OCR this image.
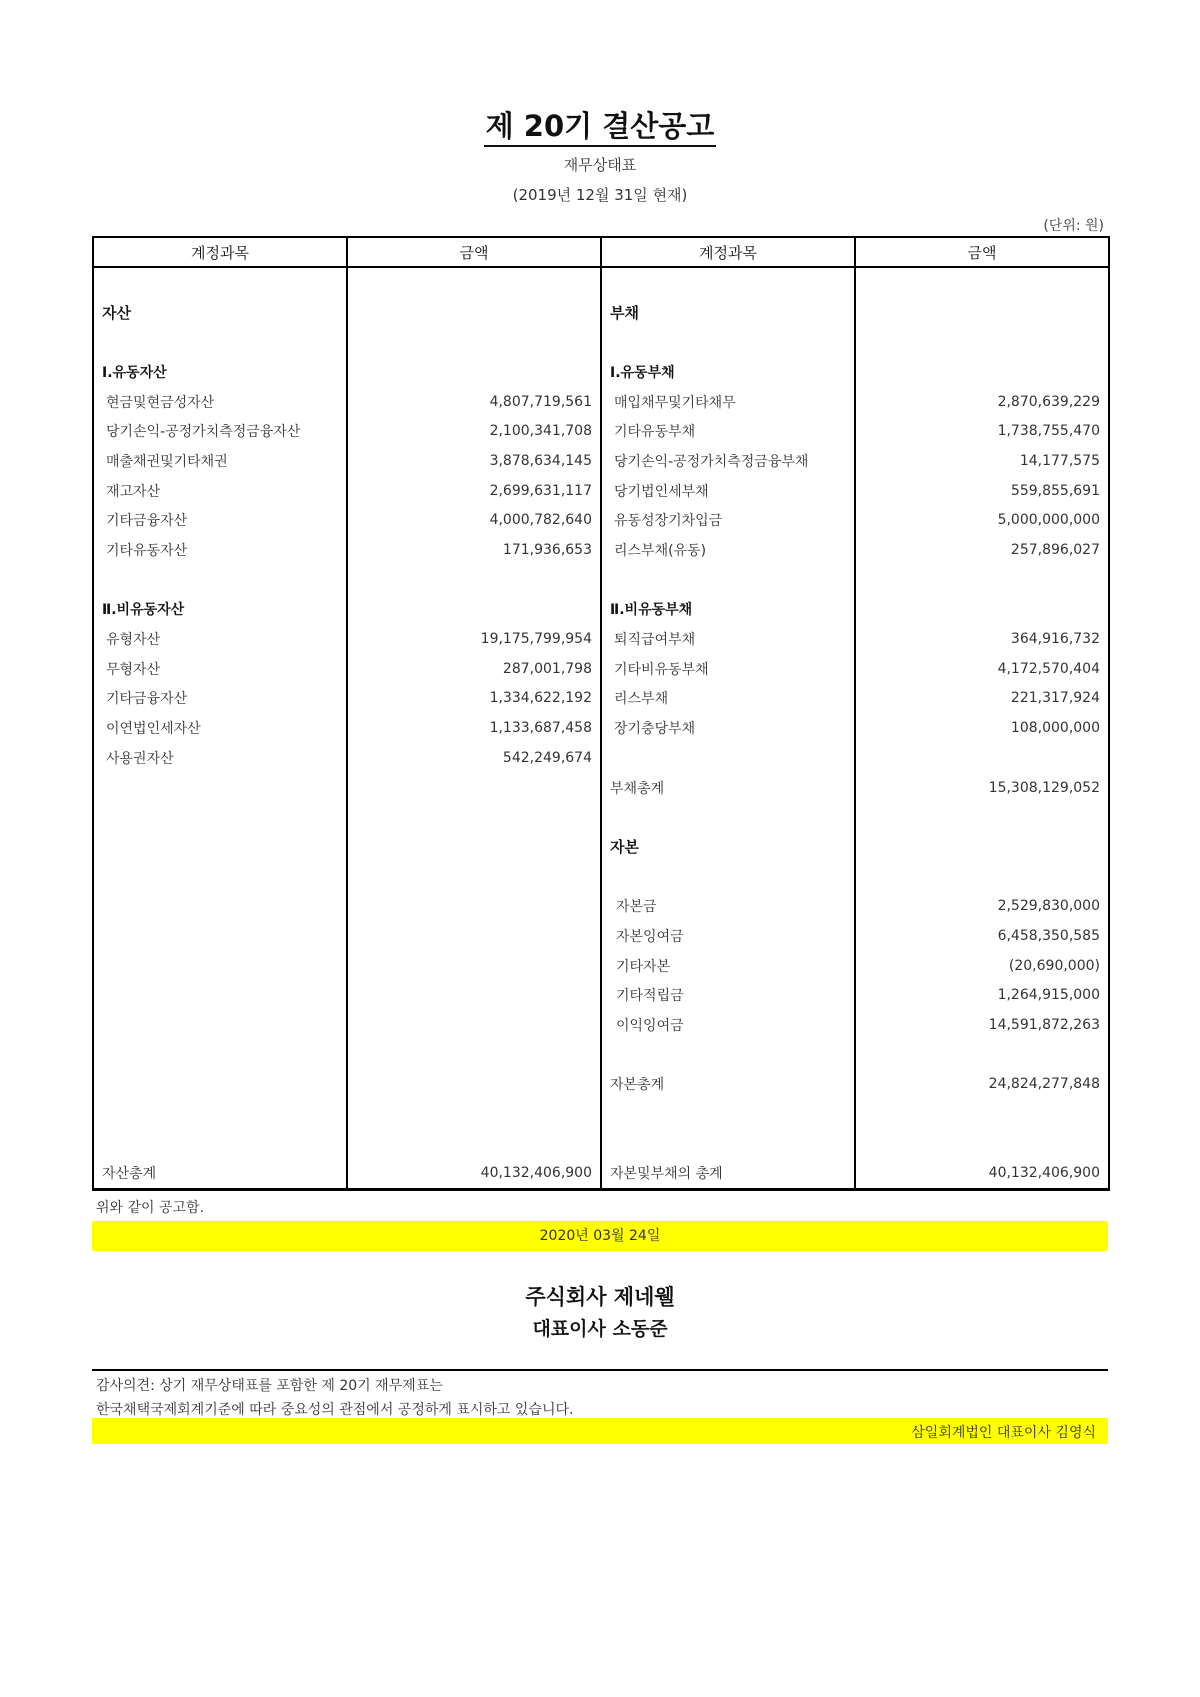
제 20기 결산공고
재무상태표
(2019년 12월 31일 현재)
(단위: 원)
계정과목	금액	계정과목	금액

자산		부채	

Ⅰ.유동자산		Ⅰ.유동부채	
현금및현금성자산	4,807,719,561	매입채무및기타채무	2,870,639,229
당기손익-공정가치측정금융자산	2,100,341,708	기타유동부채	1,738,755,470
매출채권및기타채권	3,878,634,145	당기손익-공정가치측정금융부채	14,177,575
재고자산	2,699,631,117	당기법인세부채	559,855,691
기타금융자산	4,000,782,640	유동성장기차입금	5,000,000,000
기타유동자산	171,936,653	리스부채(유동)	257,896,027

Ⅱ.비유동자산		Ⅱ.비유동부채	
유형자산	19,175,799,954	퇴직급여부채	364,916,732
무형자산	287,001,798	기타비유동부채	4,172,570,404
기타금융자산	1,334,622,192	리스부채	221,317,924
이연법인세자산	1,133,687,458	장기충당부채	108,000,000
사용권자산	542,249,674		
		부채총계	15,308,129,052

		자본	

		자본금	2,529,830,000
		자본잉여금	6,458,350,585
		기타자본	(20,690,000)
		기타적립금	1,264,915,000
		이익잉여금	14,591,872,263

		자본총계	24,824,277,848

자산총계	40,132,406,900	자본및부채의 총계	40,132,406,900
위와 같이 공고함.
2020년 03월 24일
주식회사 제네웰
대표이사 소동준
감사의견: 상기 재무상태표를 포함한 제 20기 재무제표는
한국채택국제회계기준에 따라 중요성의 관점에서 공정하게 표시하고 있습니다.
삼일회계법인 대표이사 김영식
